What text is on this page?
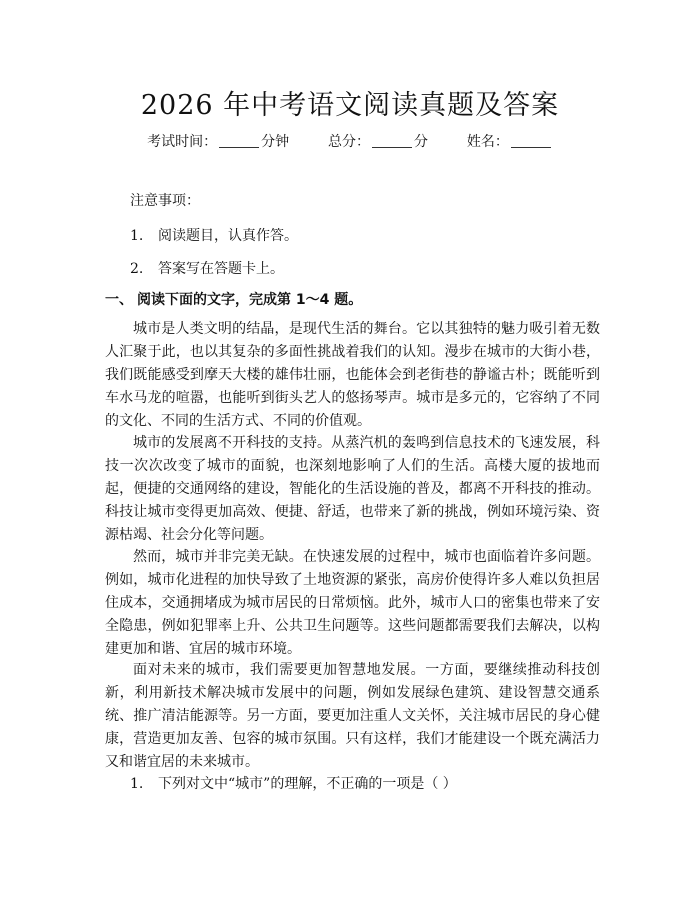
2026 年中考语文阅读真题及答案
考试时间：	分钟	总分：	分	姓名：
注意事项：
1. 阅读题目，认真作答。
2. 答案写在答题卡上。
一、 阅读下面的文字，完成第 1～4 题。

城市是人类文明的结晶，是现代生活的舞台。它以其独特的魅力吸引着无数人汇聚于此，也以其复杂的多面性挑战着我们的认知。漫步在城市的大街小巷，我们既能感受到摩天大楼的雄伟壮丽，也能体会到老街巷的静谧古朴；既能听到车水马龙的喧嚣，也能听到街头艺人的悠扬琴声。城市是多元的，它容纳了不同的文化、不同的生活方式、不同的价值观。

城市的发展离不开科技的支持。从蒸汽机的轰鸣到信息技术的飞速发展，科技一次次改变了城市的面貌，也深刻地影响了人们的生活。高楼大厦的拔地而起，便捷的交通网络的建设，智能化的生活设施的普及，都离不开科技的推动。科技让城市变得更加高效、便捷、舒适，也带来了新的挑战，例如环境污染、资源枯竭、社会分化等问题。

然而，城市并非完美无缺。在快速发展的过程中，城市也面临着许多问题。例如，城市化进程的加快导致了土地资源的紧张，高房价使得许多人难以负担居住成本，交通拥堵成为城市居民的日常烦恼。此外，城市人口的密集也带来了安全隐患，例如犯罪率上升、公共卫生问题等。这些问题都需要我们去解决，以构建更加和谐、宜居的城市环境。

面对未来的城市，我们需要更加智慧地发展。一方面，要继续推动科技创新，利用新技术解决城市发展中的问题，例如发展绿色建筑、建设智慧交通系统、推广清洁能源等。另一方面，要更加注重人文关怀，关注城市居民的身心健康，营造更加友善、包容的城市氛围。只有这样，我们才能建设一个既充满活力又和谐宜居的未来城市。

1. 下列对文中“城市”的理解，不正确的一项是（ ）
